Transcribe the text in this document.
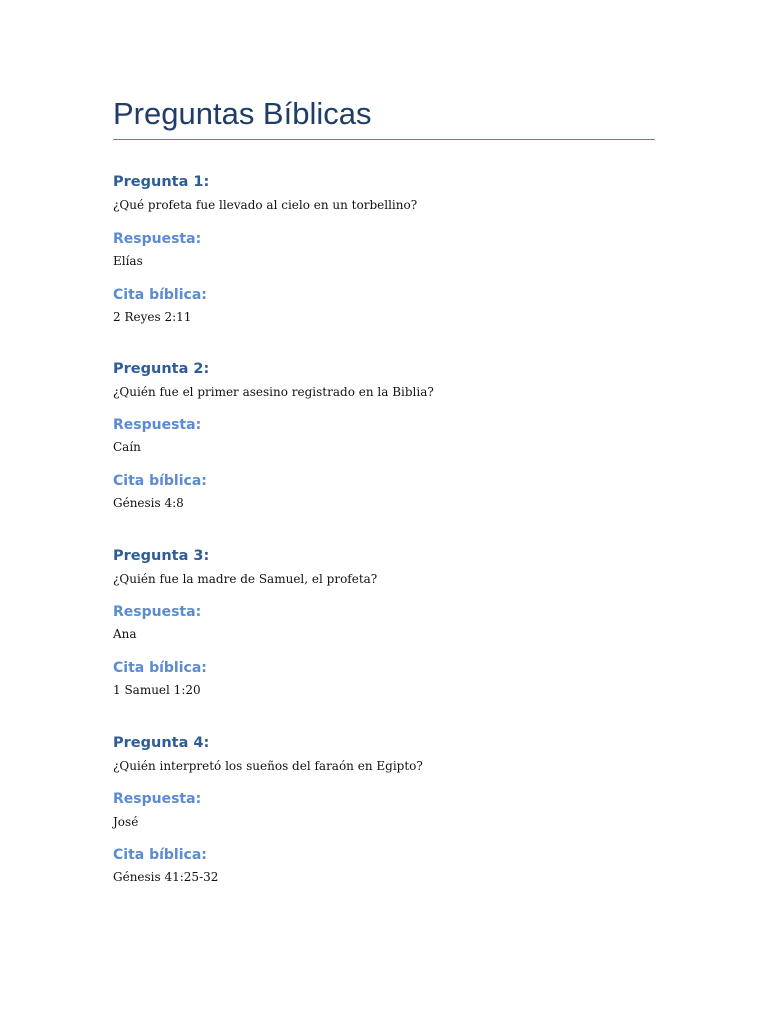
Preguntas Bíblicas
Pregunta 1:

¿Qué profeta fue llevado al cielo en un torbellino?

Respuesta:

Elías

Cita bíblica:

2 Reyes 2:11

Pregunta 2:

¿Quién fue el primer asesino registrado en la Biblia?

Respuesta:

Caín

Cita bíblica:

Génesis 4:8

Pregunta 3:

¿Quién fue la madre de Samuel, el profeta?

Respuesta:

Ana

Cita bíblica:

1 Samuel 1:20

Pregunta 4:

¿Quién interpretó los sueños del faraón en Egipto?

Respuesta:

José

Cita bíblica:

Génesis 41:25-32
